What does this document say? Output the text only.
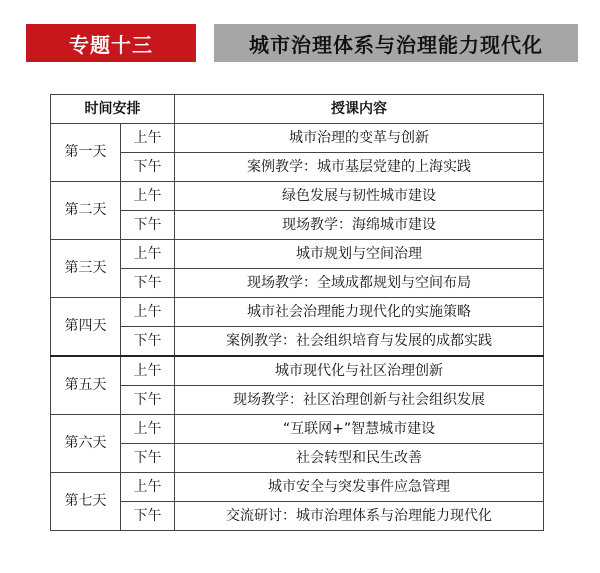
专题十三	城市治理体系与治理能力现代化
时间安排		授课内容
第一天	上午	城市治理的变革与创新
	下午	案例教学：城市基层党建的上海实践
第二天	上午	绿色发展与韧性城市建设
	下午	现场教学：海绵城市建设
第三天	上午	城市规划与空间治理
	下午	现场教学：全域成都规划与空间布局
第四天	上午	城市社会治理能力现代化的实施策略
	下午	案例教学：社会组织培育与发展的成都实践
第五天	上午	城市现代化与社区治理创新
	下午	现场教学：社区治理创新与社会组织发展
第六天	上午	“互联网+”智慧城市建设
	下午	社会转型和民生改善
第七天	上午	城市安全与突发事件应急管理
	下午	交流研讨：城市治理体系与治理能力现代化
